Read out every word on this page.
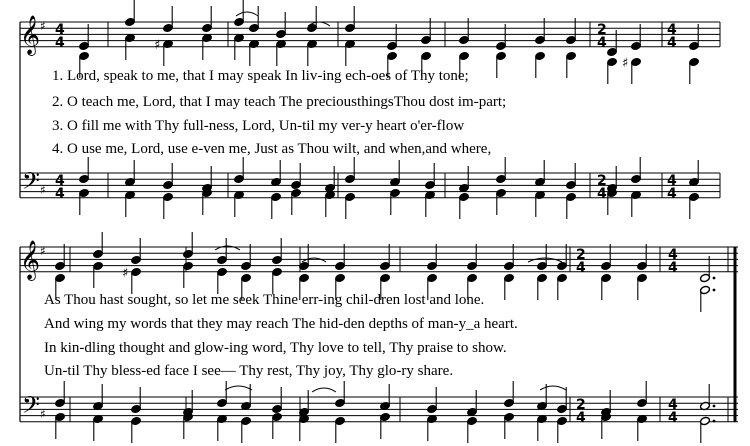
𝄞
𝄢
♯
♯
4
4
4
4
2
4
2
4
4
4
4
4
♯
♯
𝄞
𝄢
♯
♯
2
4
2
4
4
4
4
4
♯
1. Lord, speak to me, that I may speak In liv-ing ech-oes of Thy tone;
2. O teach me, Lord, that I may teach The preciousthingsThou dost im-part;
3. O fill me with Thy full-ness, Lord, Un-til my ver-y heart o'er-flow
4. O use me, Lord, use e-ven me, Just as Thou wilt, and when,and where,
As Thou hast sought, so let me seek Thine err-ing chil-dren lost and lone.
And wing my words that they may reach The hid-den depths of man-y_a heart.
In kin-dling thought and glow-ing word, Thy love to tell, Thy praise to show.
Un-til Thy bless-ed face I see— Thy rest, Thy joy, Thy glo-ry share.
